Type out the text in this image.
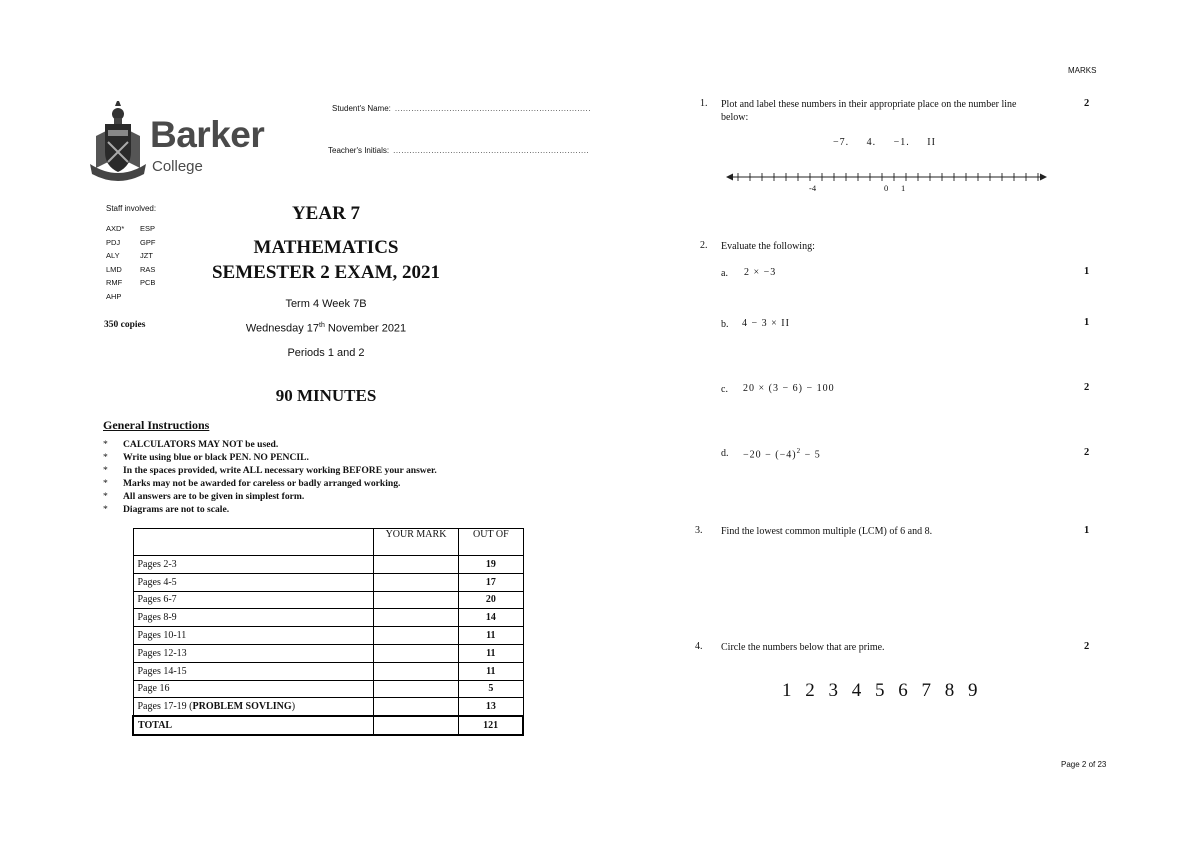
Barker
College
Student's Name: ........................................................................
Teacher's Initials: ........................................................................
Staff involved:
AXD*	ESP
PDJ	GPF
ALY	JZT
LMD	RAS
RMF	PCB
AHP
350 copies
YEAR 7
MATHEMATICS
SEMESTER 2 EXAM, 2021
Term 4 Week 7B
Wednesday 17th November 2021
Periods 1 and 2
90 MINUTES
General Instructions
* CALCULATORS MAY NOT be used.
* Write using blue or black PEN. NO PENCIL.
* In the spaces provided, write ALL necessary working BEFORE your answer.
* Marks may not be awarded for careless or badly arranged working.
* All answers are to be given in simplest form.
* Diagrams are not to scale.
	YOUR MARK	OUT OF
Pages 2-3		19
Pages 4-5		17
Pages 6-7		20
Pages 8-9		14
Pages 10-11		11
Pages 12-13		11
Pages 14-15		11
Page 16		5
Pages 17-19 (PROBLEM SOVLING)		13
TOTAL		121
MARKS
1. Plot and label these numbers in their appropriate place on the number line
below:
2
−7.     4.     −1.     II
-4	0 1
2. Evaluate the following:
a. 2 × −3	1
b. 4 − 3 × II	1
c. 20 × (3 − 6) − 100	2
d. $-20 - (-4)^2 - 5$	2
3. Find the lowest common multiple (LCM) of 6 and 8.	1
4. Circle the numbers below that are prime.	2
1 2 3 4 5 6 7 8 9
Page 2 of 23
